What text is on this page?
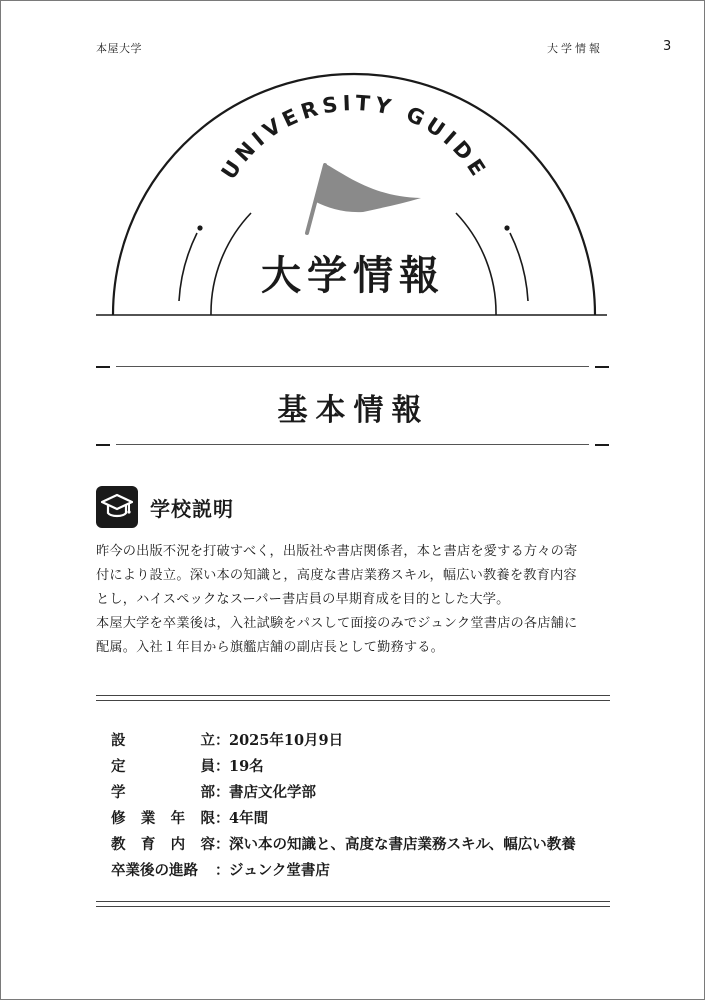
本屋大学	大学情報	3
UNIVERSITY GUIDE
大学情報
基本情報
学校説明

昨今の出版不況を打破すべく，出版社や書店関係者，本と書店を愛する方々の寄
付により設立。深い本の知識と，高度な書店業務スキル，幅広い教養を教育内容
とし，ハイスペックなスーパー書店員の早期育成を目的とした大学。

本屋大学を卒業後は，入社試験をパスして面接のみでジュンク堂書店の各店舗に
配属。入社１年目から旗艦店舗の副店長として勤務する。

設	立 ： 2025年10月9日
定	員 ： 19名
学	部 ： 書店文化学部
修 業 年 限 ： 4年間
教 育 内 容 ： 深い本の知識と、高度な書店業務スキル、幅広い教養
卒業後の進路 ： ジュンク堂書店
